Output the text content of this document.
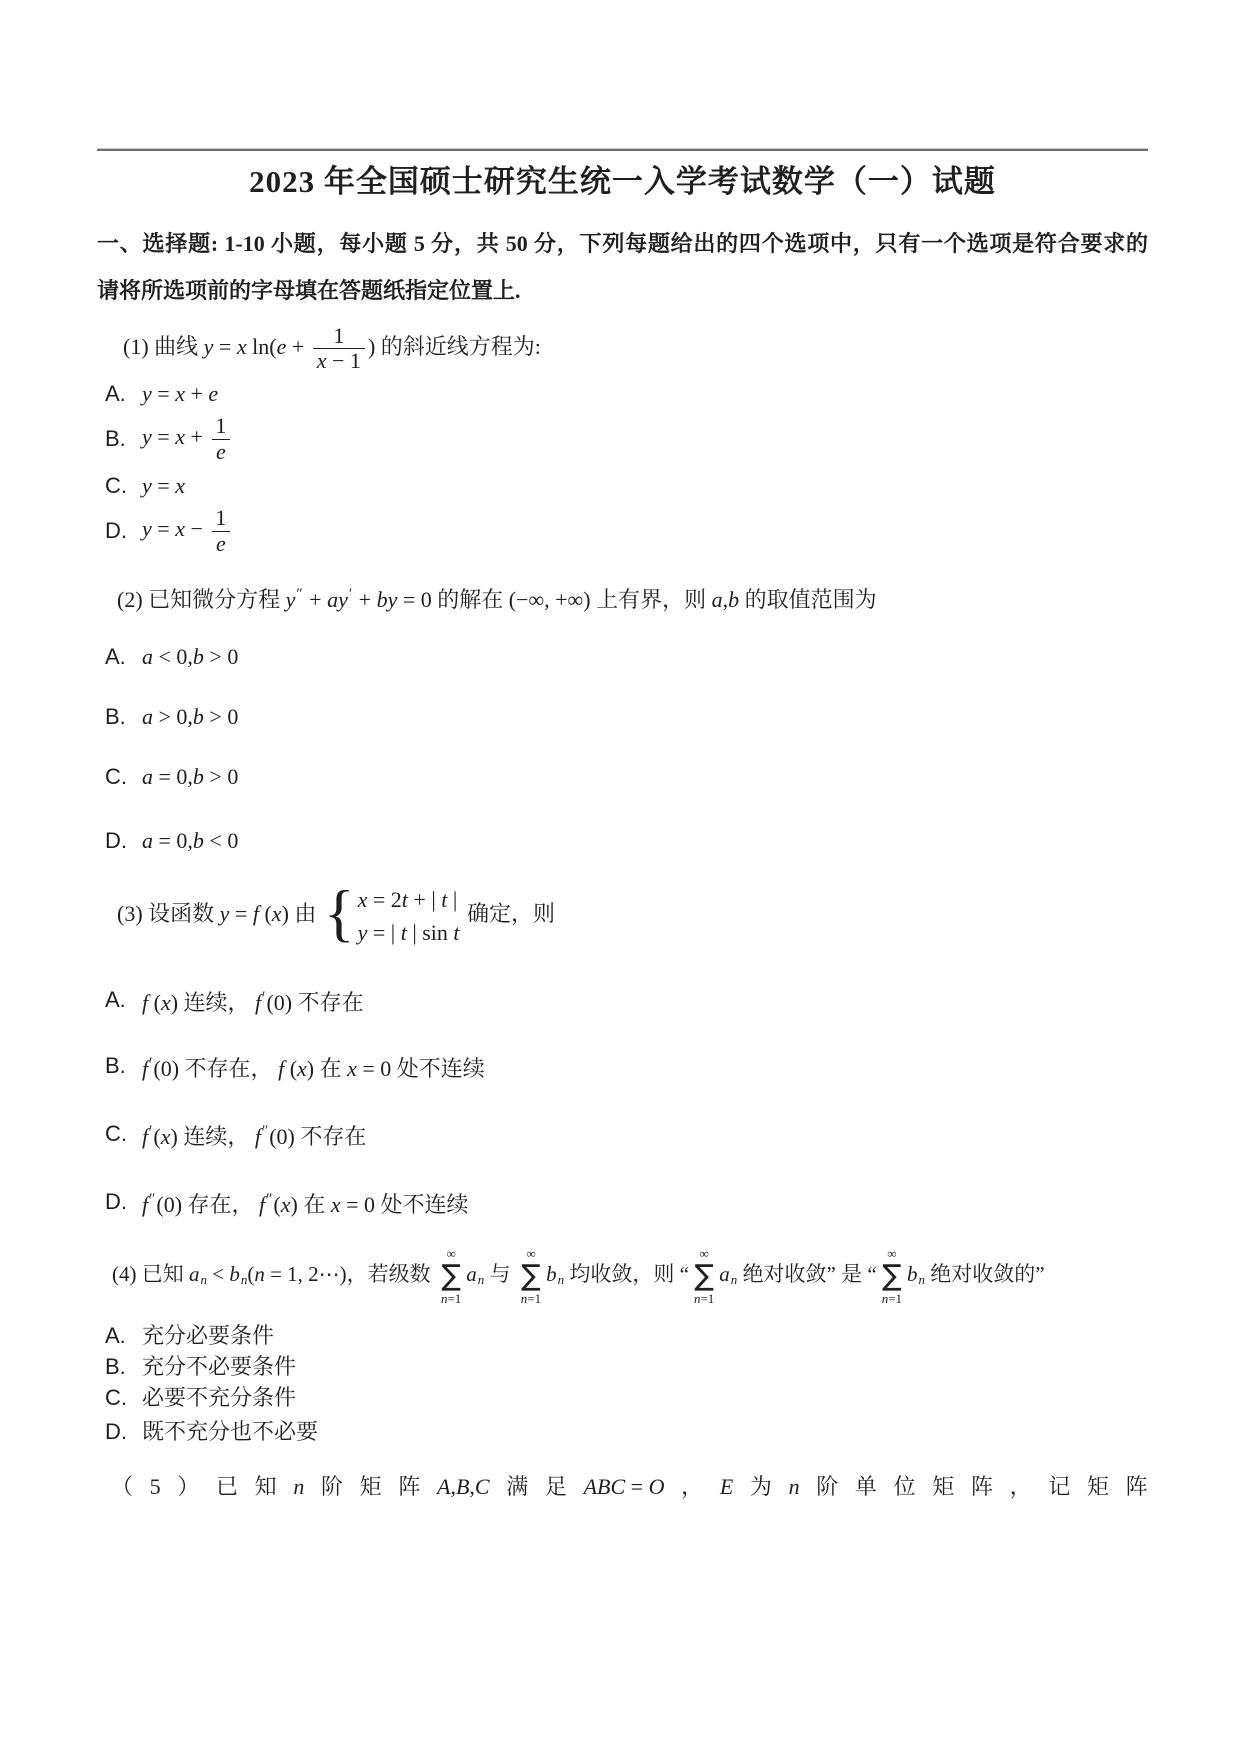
2023 年全国硕士研究生统一入学考试数学（一）试题
一、选择题: 1-10 小题，每小题 5 分，共 50 分，下列每题给出的四个选项中，只有一个选项是符合要求的
请将所选项前的字母填在答题纸指定位置上.
(1) 曲线 y = x $\ln(e + \frac{1}{x - 1}$ ) 的斜近线方程为:
A. y = x + e
B. $y = x + \frac{1}{e}$
C. y = x
D. $y = x - \frac{1}{e}$
(2) 已知微分方程 y″ + ay′ + by = 0 的解在 (−∞, +∞) 上有界，则 a,b 的取值范围为
A. a < 0,b > 0
B. a > 0,b > 0
C. a = 0,b > 0
D. a = 0,b < 0
(3) 设函数 y = f (x) 由 { x = 2t + | t |
y = | t | sin t
确定，则
A. f (x) 连续， f′(0) 不存在
B. f′(0) 不存在， f (x) 在 x = 0 处不连续
C. f′(x) 连续， f″(0) 不存在
D. f″(0) 存在， f″(x) 在 x = 0 处不连续
(4) 已知 an < bn(n = 1, 2⋯)，若级数
∞
∑
n=1
an 与
∞
∑
n=1
bn 均收敛，则 “
∞
∑
n=1
an 绝对收敛” 是 “
∞
∑
n=1
bn 绝对收敛的”
A. 充分必要条件
B. 充分不必要条件
C. 必要不充分条件
D. 既不充分也不必要
（ 5 ） 已 知 n 阶 矩 阵 A,B,C 满 足 ABC = O ， E 为 n 阶 单 位 矩 阵 ， 记 矩 阵
